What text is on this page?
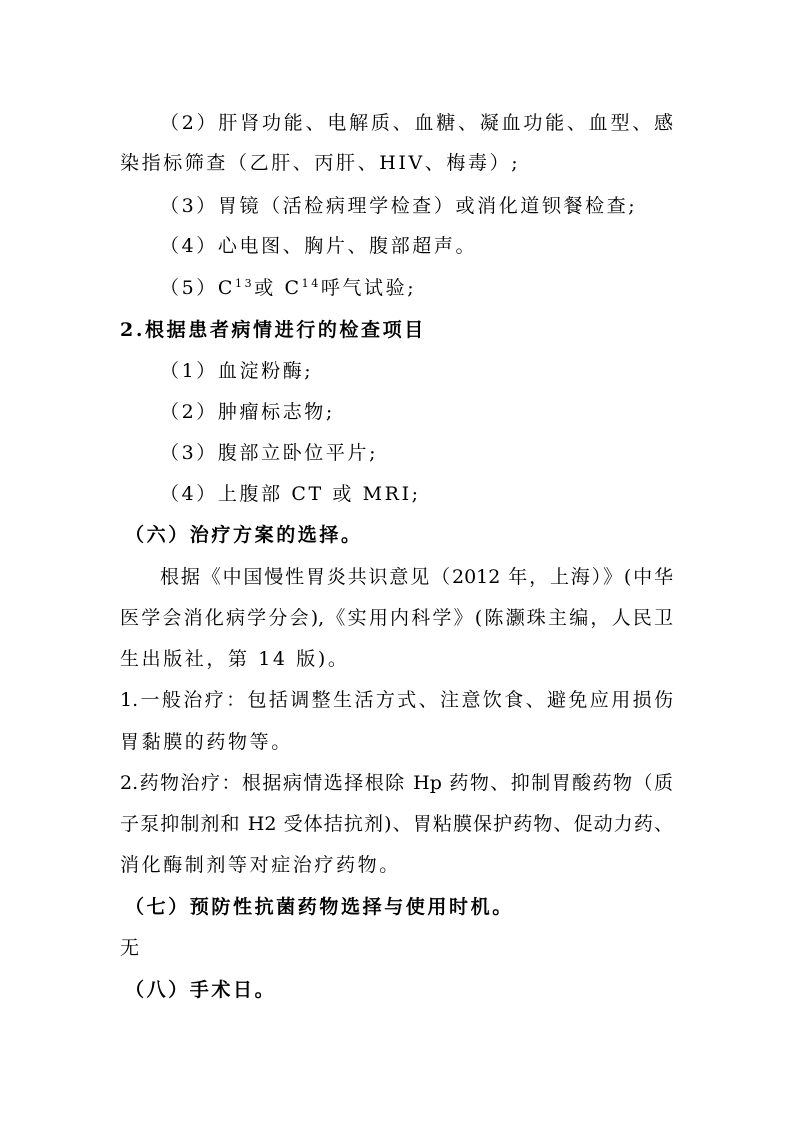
（2）肝肾功能、电解质、血糖、凝血功能、血型、感
染指标筛查（乙肝、丙肝、HIV、梅毒）;
（3）胃镜（活检病理学检查）或消化道钡餐检查;
（4）心电图、胸片、腹部超声。
$(5)C^{13}$或 $C^{14}$呼气试验;
2.根据患者病情进行的检查项目
（1）血淀粉酶;
（2）肿瘤标志物;
（3）腹部立卧位平片;
（4）上腹部 CT 或 MRI;
（六）治疗方案的选择。
根据《中国慢性胃炎共识意见（2012 年，上海）》(中华
医学会消化病学分会),《实用内科学》(陈灏珠主编，人民卫
生出版社，第 14 版)。
1.一般治疗：包括调整生活方式、注意饮食、避免应用损伤
胃黏膜的药物等。
2.药物治疗：根据病情选择根除 Hp 药物、抑制胃酸药物（质
子泵抑制剂和 H2 受体拮抗剂)、胃粘膜保护药物、促动力药、
消化酶制剂等对症治疗药物。
（七）预防性抗菌药物选择与使用时机。
无
（八）手术日。
